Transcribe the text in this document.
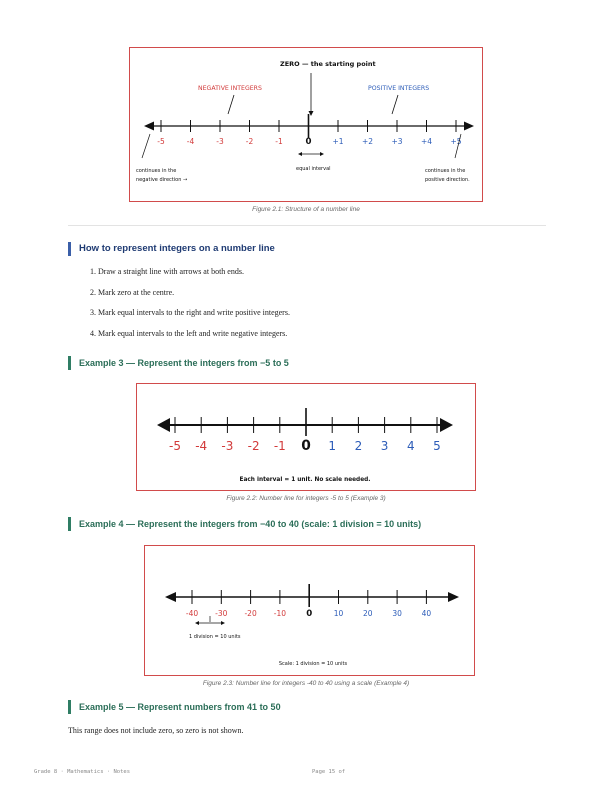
ZERO — the starting point
NEGATIVE INTEGERS	POSITIVE INTEGERS
-5	-4	-3	-2	-1	0	+1 +2 +3 +4 +5
equal interval
continues in the
negative direction →
continues in the
positive direction.
Figure 2.1: Structure of a number line
How to represent integers on a number line
1. Draw a straight line with arrows at both ends.
2. Mark zero at the centre.
3. Mark equal intervals to the right and write positive integers.
4. Mark equal intervals to the left and write negative integers.
Example 3 — Represent the integers from −5 to 5
-5 -4 -3 -2 -1 0 1 2 3 4 5
Each interval = 1 unit. No scale needed.
Figure 2.2: Number line for integers -5 to 5 (Example 3)
Example 4 — Represent the integers from −40 to 40 (scale: 1 division = 10 units)
-40 -30 -20 -10 0	10	20	30	40
1 division = 10 units
Scale: 1 division = 10 units
Figure 2.3: Number line for integers -40 to 40 using a scale (Example 4)
Example 5 — Represent numbers from 41 to 50
This range does not include zero, so zero is not shown.
Grade 8 · Mathematics · Notes	Page 15 of
